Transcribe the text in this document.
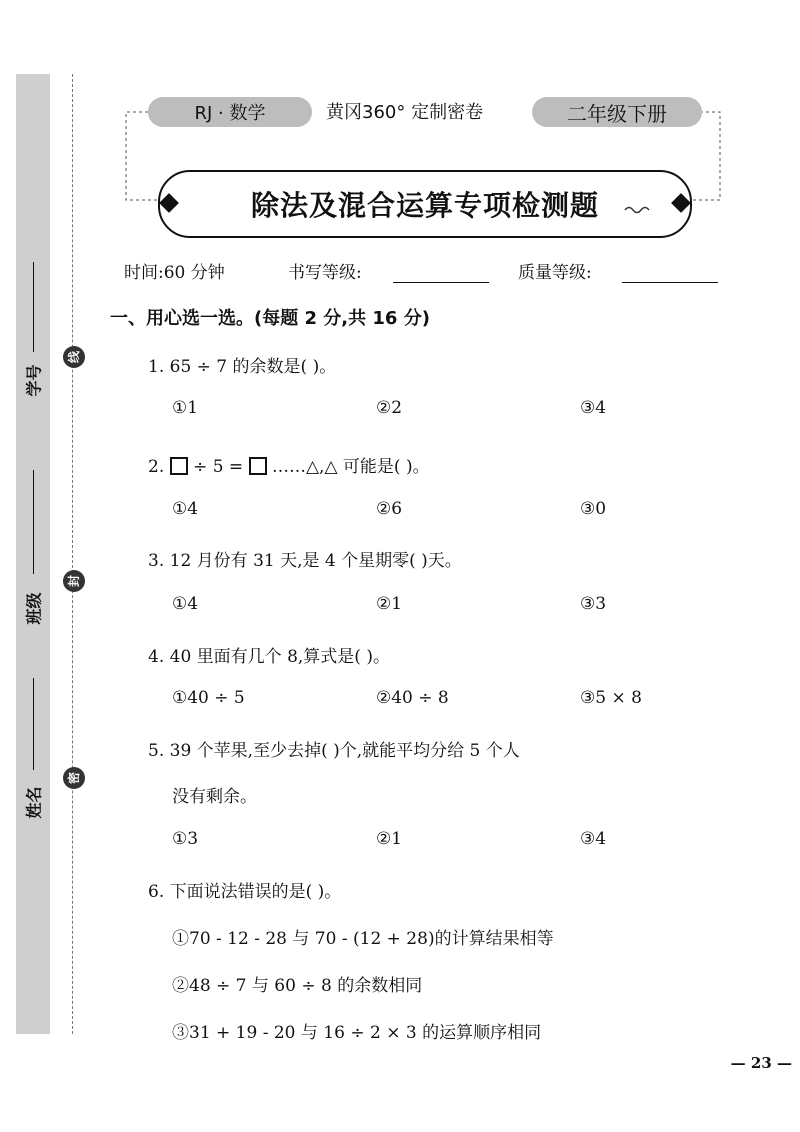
学号
班级
姓名
线
封
密
RJ · 数学	黄冈360° 定制密卷	二年级下册
除法及混合运算专项检测题
时间:60 分钟	书写等级:	质量等级:
一、用心选一选。(每题 2 分,共 16 分)
1. 65 ÷ 7 的余数是( )。
①1	②2	③4
2.  ÷ 5 =  ……△,△ 可能是( )。
①4	②6	③0
3. 12 月份有 31 天,是 4 个星期零( )天。
①4	②1	③3
4. 40 里面有几个 8,算式是( )。
①40 ÷ 5	②40 ÷ 8	③5 × 8
5. 39 个苹果,至少去掉( )个,就能平均分给 5 个人
没有剩余。
①3	②1	③4
6. 下面说法错误的是( )。
①70 - 12 - 28 与 70 - (12 + 28)的计算结果相等
②48 ÷ 7 与 60 ÷ 8 的余数相同
③31 + 19 - 20 与 16 ÷ 2 × 3 的运算顺序相同
— 23 —
